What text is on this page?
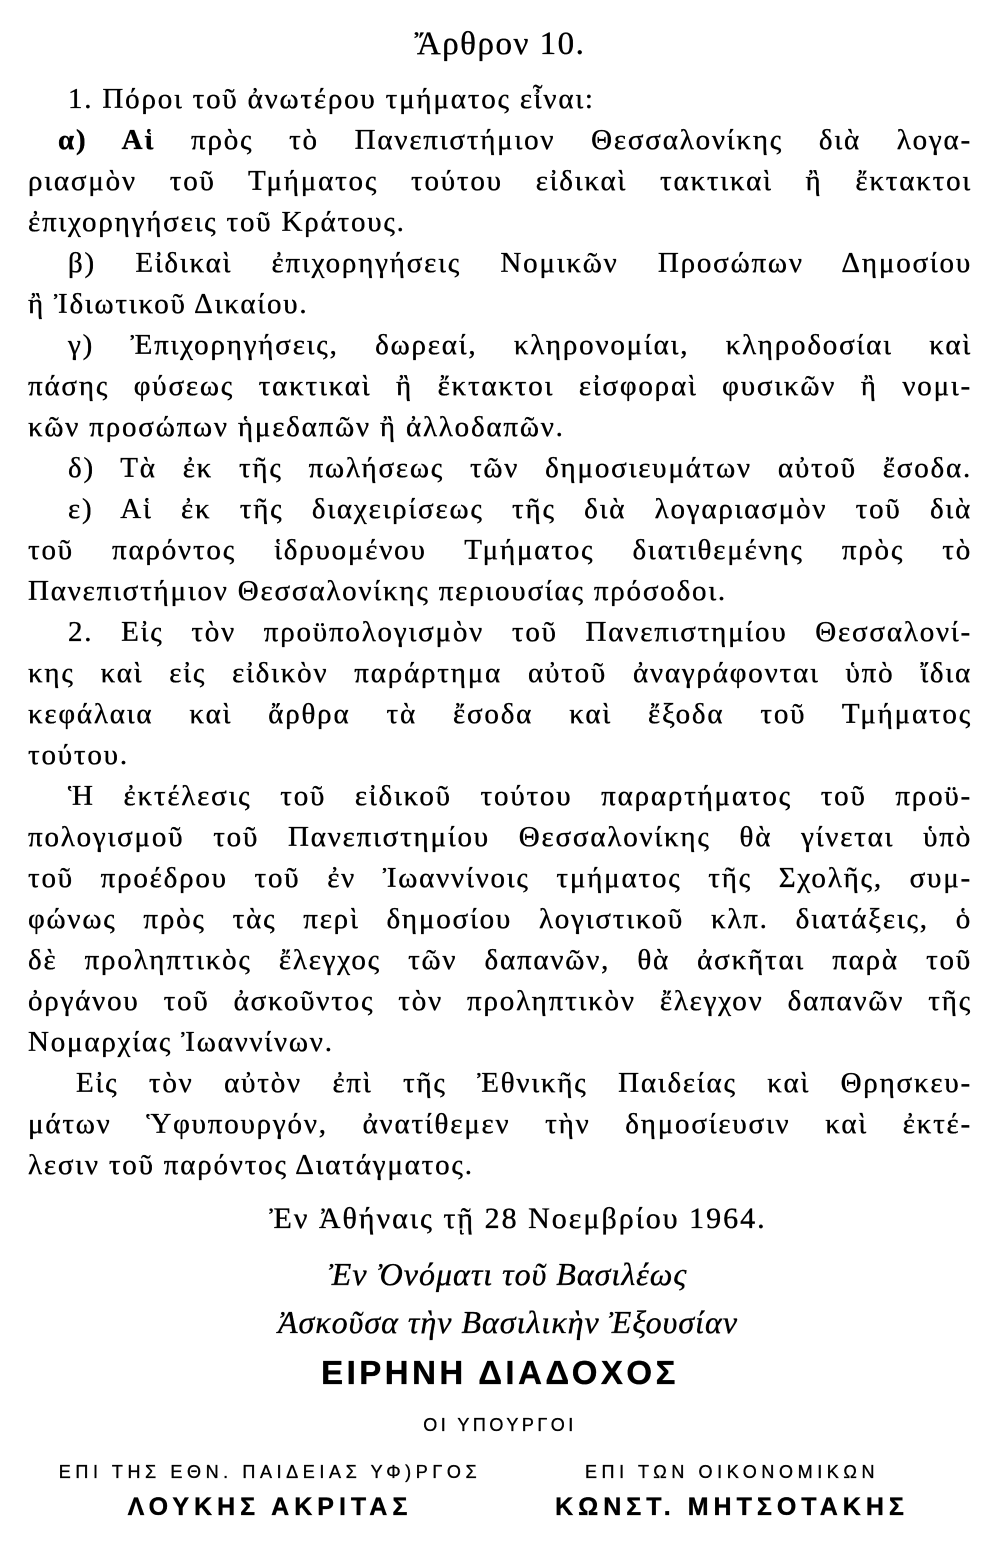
Ἄρθρον 10.
1. Πόροι τοῦ ἀνωτέρου τμήματος εἶναι:
α) Αἱ πρὸς τὸ Πανεπιστήμιον Θεσσαλονίκης διὰ λογα-
ριασμὸν τοῦ Τμήματος τούτου εἰδικαὶ τακτικαὶ ἢ ἔκτακτοι
ἐπιχορηγήσεις τοῦ Κράτους.
β) Εἰδικαὶ ἐπιχορηγήσεις Νομικῶν Προσώπων Δημοσίου
ἢ Ἰδιωτικοῦ Δικαίου.
γ) Ἐπιχορηγήσεις, δωρεαί, κληρονομίαι, κληροδοσίαι καὶ
πάσης φύσεως τακτικαὶ ἢ ἔκτακτοι εἰσφοραὶ φυσικῶν ἢ νομι-
κῶν προσώπων ἡμεδαπῶν ἢ ἀλλοδαπῶν.
δ) Τὰ ἐκ τῆς πωλήσεως τῶν δημοσιευμάτων αὐτοῦ ἔσοδα.
ε) Αἱ ἐκ τῆς διαχειρίσεως τῆς διὰ λογαριασμὸν τοῦ διὰ
τοῦ παρόντος ἱδρυομένου Τμήματος διατιθεμένης πρὸς τὸ
Πανεπιστήμιον Θεσσαλονίκης περιουσίας πρόσοδοι.
2. Εἰς τὸν προϋπολογισμὸν τοῦ Πανεπιστημίου Θεσσαλονί-
κης καὶ εἰς εἰδικὸν παράρτημα αὐτοῦ ἀναγράφονται ὑπὸ ἴδια
κεφάλαια καὶ ἄρθρα τὰ ἔσοδα καὶ ἔξοδα τοῦ Τμήματος
τούτου.
Ἡ ἐκτέλεσις τοῦ εἰδικοῦ τούτου παραρτήματος τοῦ προϋ-
πολογισμοῦ τοῦ Πανεπιστημίου Θεσσαλονίκης θὰ γίνεται ὑπὸ
τοῦ προέδρου τοῦ ἐν Ἰωαννίνοις τμήματος τῆς Σχολῆς, συμ-
φώνως πρὸς τὰς περὶ δημοσίου λογιστικοῦ κλπ. διατάξεις, ὁ
δὲ προληπτικὸς ἔλεγχος τῶν δαπανῶν, θὰ ἀσκῆται παρὰ τοῦ
ὀργάνου τοῦ ἀσκοῦντος τὸν προληπτικὸν ἔλεγχον δαπανῶν τῆς
Νομαρχίας Ἰωαννίνων.
Εἰς τὸν αὐτὸν ἐπὶ τῆς Ἐθνικῆς Παιδείας καὶ Θρησκευ-
μάτων Ὑφυπουργόν, ἀνατίθεμεν τὴν δημοσίευσιν καὶ ἐκτέ-
λεσιν τοῦ παρόντος Διατάγματος.
Ἐν Ἀθήναις τῇ 28 Νοεμβρίου 1964.
Ἐν Ὀνόματι τοῦ Βασιλέως
Ἀσκοῦσα τὴν Βασιλικὴν Ἐξουσίαν
ΕΙΡΗΝΗ ΔΙΑΔΟΧΟΣ
ΟΙ ΥΠΟΥΡΓΟΙ
ΕΠΙ ΤΗΣ ΕΘΝ. ΠΑΙΔΕΙΑΣ ΥΦ)ΡΓΟΣ	ΕΠΙ ΤΩΝ ΟΙΚΟΝΟΜΙΚΩΝ
ΛΟΥΚΗΣ ΑΚΡΙΤΑΣ	ΚΩΝΣΤ. ΜΗΤΣΟΤΑΚΗΣ
